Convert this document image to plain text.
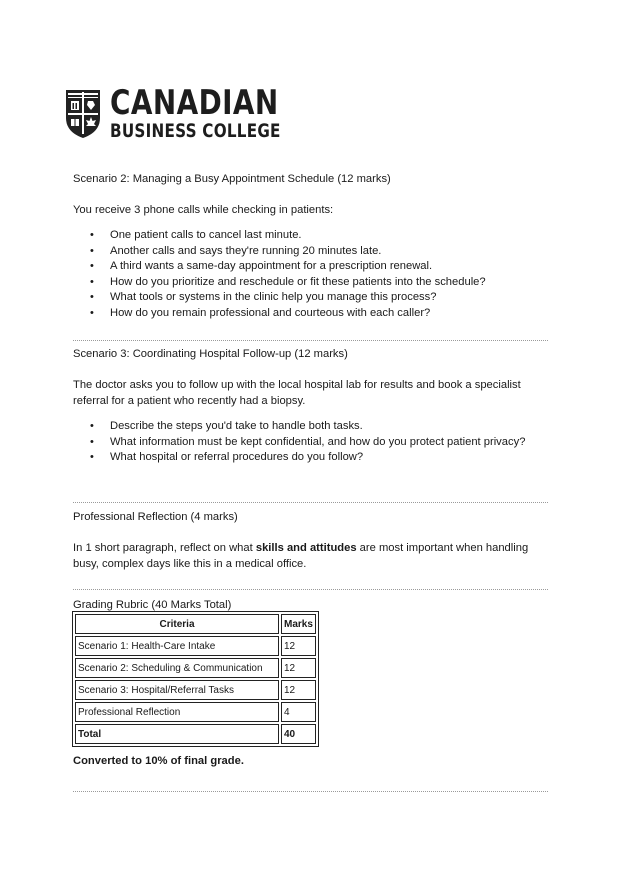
CANADIAN
BUSINESS COLLEGE
Scenario 2: Managing a Busy Appointment Schedule (12 marks)
You receive 3 phone calls while checking in patients:
• One patient calls to cancel last minute.
• Another calls and says they're running 20 minutes late.
• A third wants a same-day appointment for a prescription renewal.
• How do you prioritize and reschedule or fit these patients into the schedule?
• What tools or systems in the clinic help you manage this process?
• How do you remain professional and courteous with each caller?
Scenario 3: Coordinating Hospital Follow-up (12 marks)
The doctor asks you to follow up with the local hospital lab for results and book a specialist referral for a patient who recently had a biopsy.
• Describe the steps you'd take to handle both tasks.
• What information must be kept confidential, and how do you protect patient privacy?
• What hospital or referral procedures do you follow?
Professional Reflection (4 marks)
In 1 short paragraph, reflect on what skills and attitudes are most important when handling busy, complex days like this in a medical office.
Grading Rubric (40 Marks Total)
Criteria	Marks
Scenario 1: Health-Care Intake	12
Scenario 2: Scheduling & Communication	12
Scenario 3: Hospital/Referral Tasks	12
Professional Reflection	4
Total	40
Converted to 10% of final grade.
